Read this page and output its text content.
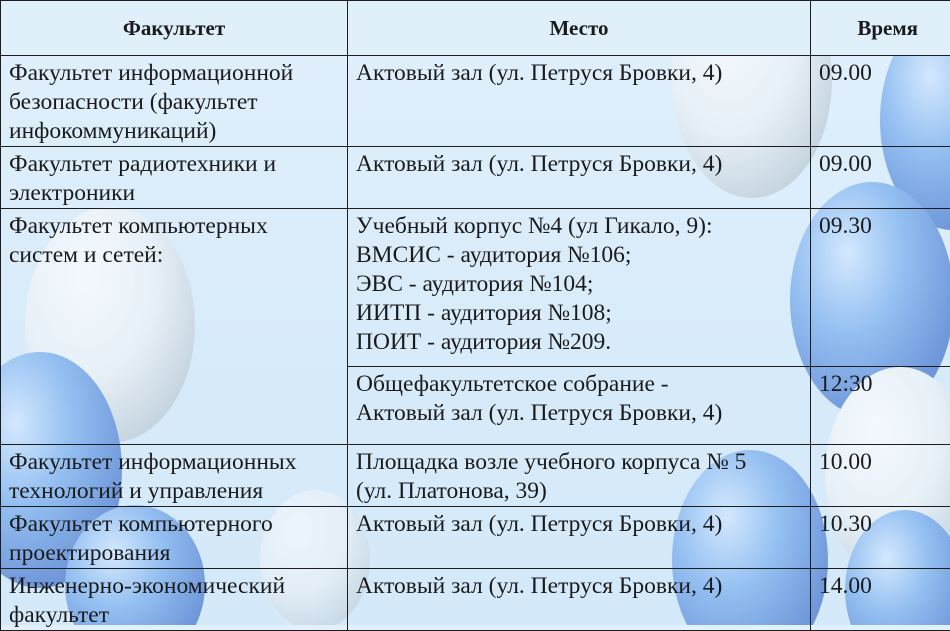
Факультет	Место	Время

Факультет информационной
безопасности (факультет
инфокоммуникаций)	Актовый зал (ул. Петруся Бровки, 4)	09.00

Факультет радиотехники и
электроники	Актовый зал (ул. Петруся Бровки, 4)	09.00

Факультет компьютерных
систем и сетей:	Учебный корпус №4 (ул Гикало, 9):
ВМСИС - аудитория №106;
ЭВС - аудитория №104;
ИИТП - аудитория №108;
ПОИТ - аудитория №209.	09.30

	Общефакультетское собрание -
Актовый зал (ул. Петруся Бровки, 4)	12:30

Факультет информационных
технологий и управления	Площадка возле учебного корпуса № 5
(ул. Платонова, 39)	10.00

Факультет компьютерного
проектирования	Актовый зал (ул. Петруся Бровки, 4)	10.30

Инженерно-экономический
факультет	Актовый зал (ул. Петруся Бровки, 4)	14.00
